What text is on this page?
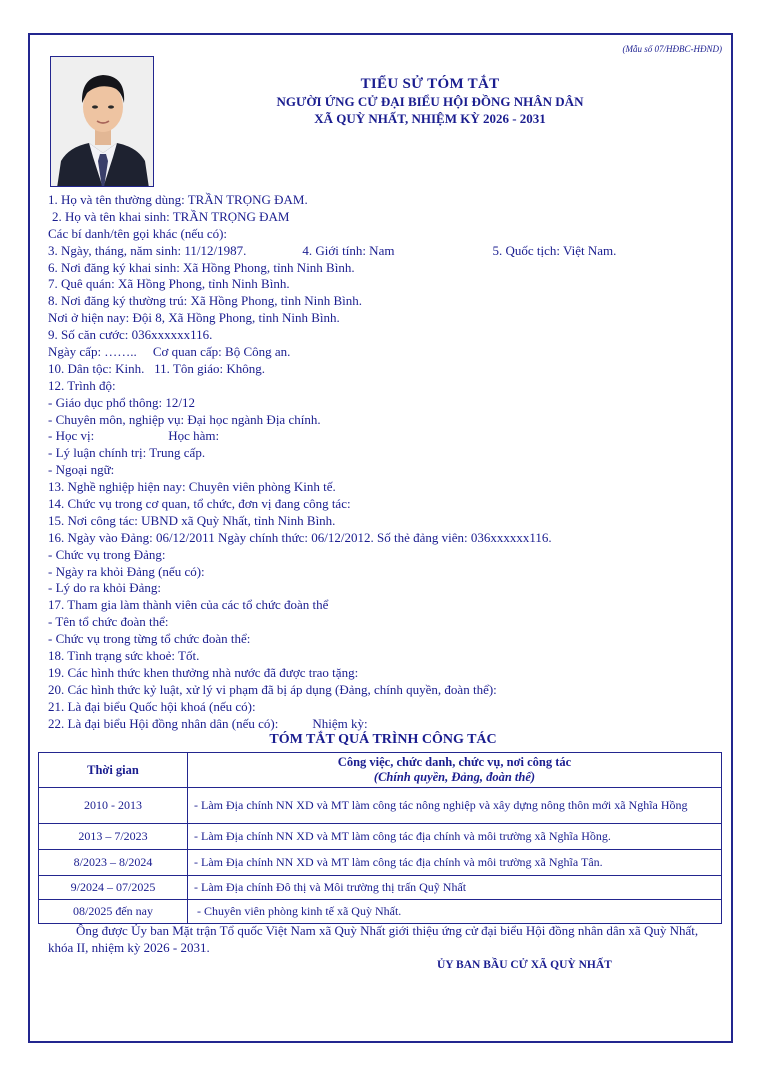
(Mẫu số 07/HĐBC-HĐND)
TIỂU SỬ TÓM TẮT
NGƯỜI ỨNG CỬ ĐẠI BIỂU HỘI ĐỒNG NHÂN DÂN
XÃ QUỲ NHẤT, NHIỆM KỲ 2026 - 2031
1. Họ và tên thường dùng: TRẦN TRỌNG ĐAM.
2. Họ và tên khai sinh: TRẦN TRỌNG ĐAM
Các bí danh/tên gọi khác (nếu có):
3. Ngày, tháng, năm sinh: 11/12/1987.	4. Giới tính: Nam	5. Quốc tịch: Việt Nam.
6. Nơi đăng ký khai sinh: Xã Hồng Phong, tỉnh Ninh Bình.
7. Quê quán: Xã Hồng Phong, tỉnh Ninh Bình.
8. Nơi đăng ký thường trú: Xã Hồng Phong, tỉnh Ninh Bình.
Nơi ở hiện nay: Đội 8, Xã Hồng Phong, tỉnh Ninh Bình.
9. Số căn cước: 036xxxxxx116.
Ngày cấp: …….. Cơ quan cấp: Bộ Công an.
10. Dân tộc: Kinh.   11. Tôn giáo: Không.
12. Trình độ:
- Giáo dục phổ thông: 12/12
- Chuyên môn, nghiệp vụ: Đại học ngành Địa chính.
- Học vị:	Học hàm:
- Lý luận chính trị: Trung cấp.
- Ngoại ngữ:
13. Nghề nghiệp hiện nay: Chuyên viên phòng Kinh tế.
14. Chức vụ trong cơ quan, tổ chức, đơn vị đang công tác:
15. Nơi công tác: UBND xã Quỳ Nhất, tỉnh Ninh Bình.
16. Ngày vào Đảng: 06/12/2011 Ngày chính thức: 06/12/2012. Số thẻ đảng viên: 036xxxxxx116.
- Chức vụ trong Đảng:
- Ngày ra khỏi Đảng (nếu có):
- Lý do ra khỏi Đảng:
17. Tham gia làm thành viên của các tổ chức đoàn thể
- Tên tổ chức đoàn thể:
- Chức vụ trong từng tổ chức đoàn thể:
18. Tình trạng sức khoẻ: Tốt.
19. Các hình thức khen thưởng nhà nước đã được trao tặng:
20. Các hình thức kỷ luật, xử lý vi phạm đã bị áp dụng (Đảng, chính quyền, đoàn thể):
21. Là đại biểu Quốc hội khoá (nếu có):
22. Là đại biểu Hội đồng nhân dân (nếu có):	Nhiệm kỳ:
TÓM TẮT QUÁ TRÌNH CÔNG TÁC
Thời gian	Công việc, chức danh, chức vụ, nơi công tác
(Chính quyền, Đảng, đoàn thể)

2010 - 2013	- Làm Địa chính NN XD và MT làm công tác nông nghiệp và xây dựng nông thôn mới xã Nghĩa Hồng
2013 – 7/2023	- Làm Địa chính NN XD và MT làm công tác địa chính và môi trường xã Nghĩa Hồng.
8/2023 – 8/2024	- Làm Địa chính NN XD và MT làm công tác địa chính và môi trường xã Nghĩa Tân.
9/2024 – 07/2025	- Làm Địa chính Đô thị và Môi trường thị trấn Quỹ Nhất
08/2025 đến nay	- Chuyên viên phòng kinh tế xã Quỳ Nhất.
Ông được Ủy ban Mặt trận Tổ quốc Việt Nam xã Quỳ Nhất giới thiệu ứng cử đại biểu Hội đồng nhân dân xã Quỳ Nhất, khóa II, nhiệm kỳ 2026 - 2031.
ỦY BAN BẦU CỬ XÃ QUỲ NHẤT
